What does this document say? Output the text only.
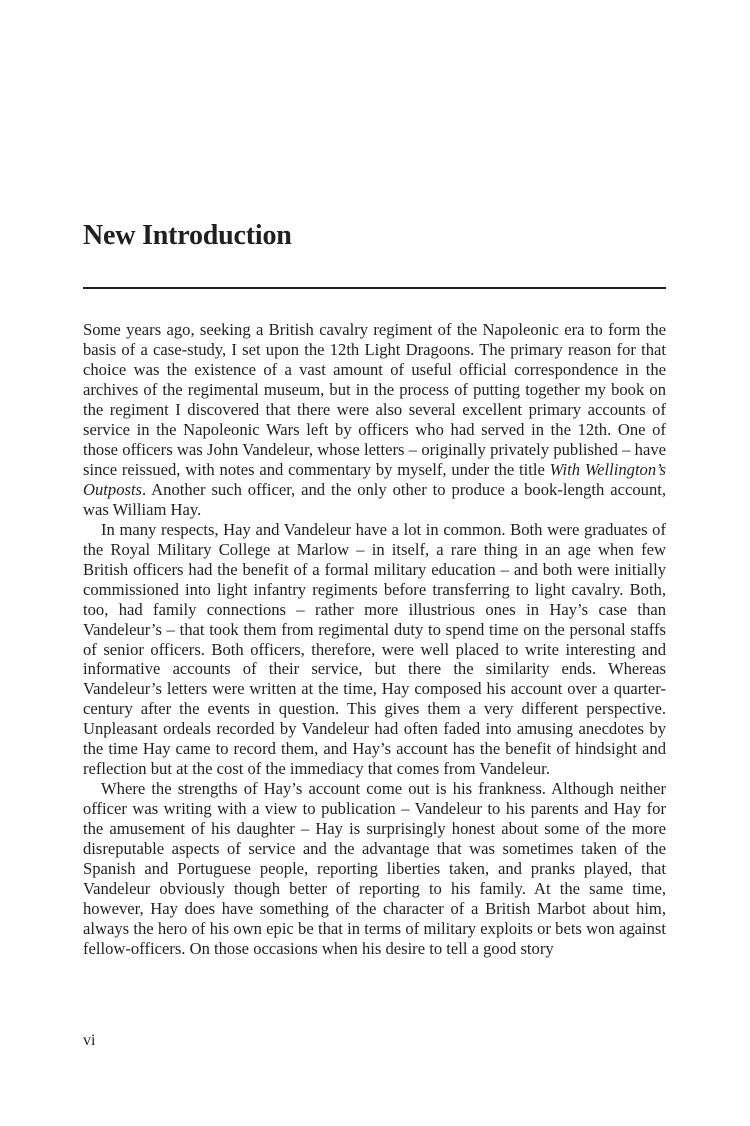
New Introduction

Some years ago, seeking a British cavalry regiment of the Napoleonic era to form the basis of a case-study, I set upon the 12th Light Dragoons. The primary reason for that choice was the existence of a vast amount of useful official correspondence in the archives of the regimental museum, but in the process of putting together my book on the regiment I discovered that there were also several excellent primary accounts of service in the Napoleonic Wars left by officers who had served in the 12th. One of those officers was John Vandeleur, whose letters – originally privately published – have since reissued, with notes and commentary by myself, under the title With Wellington’s Outposts. Another such officer, and the only other to produce a book-length account, was William Hay.

In many respects, Hay and Vandeleur have a lot in common. Both were graduates of the Royal Military College at Marlow – in itself, a rare thing in an age when few British officers had the benefit of a formal military education – and both were initially commissioned into light infantry regiments before transferring to light cavalry. Both, too, had family connections – rather more illustrious ones in Hay’s case than Vandeleur’s – that took them from regimental duty to spend time on the personal staffs of senior officers. Both officers, therefore, were well placed to write interesting and informative accounts of their service, but there the similarity ends. Whereas Vandeleur’s letters were written at the time, Hay composed his account over a quarter-century after the events in question. This gives them a very different perspective. Unpleasant ordeals recorded by Vandeleur had often faded into amusing anecdotes by the time Hay came to record them, and Hay’s account has the benefit of hindsight and reflection but at the cost of the immediacy that comes from Vandeleur.

Where the strengths of Hay’s account come out is his frankness. Although neither officer was writing with a view to publication – Vandeleur to his parents and Hay for the amusement of his daughter – Hay is surprisingly honest about some of the more disreputable aspects of service and the advantage that was sometimes taken of the Spanish and Portuguese people, reporting liberties taken, and pranks played, that Vandeleur obviously though better of reporting to his family. At the same time, however, Hay does have something of the character of a British Marbot about him, always the hero of his own epic be that in terms of military exploits or bets won against fellow-officers. On those occasions when his desire to tell a good story

vi
